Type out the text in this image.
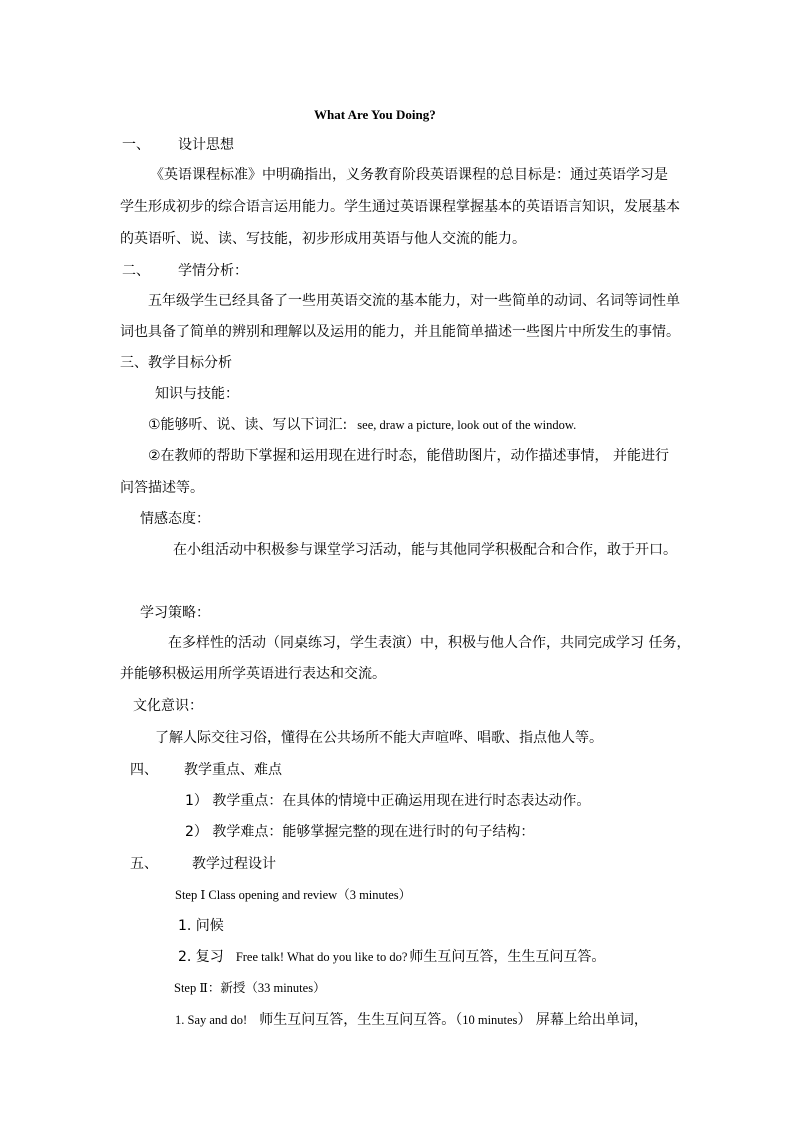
What Are You Doing?
一、 设计思想
《英语课程标准》中明确指出，义务教育阶段英语课程的总目标是：通过英语学习是
学生形成初步的综合语言运用能力。学生通过英语课程掌握基本的英语语言知识，发展基本
的英语听、说、读、写技能，初步形成用英语与他人交流的能力。
二、 学情分析：
五年级学生已经具备了一些用英语交流的基本能力，对一些简单的动词、名词等词性单
词也具备了简单的辨别和理解以及运用的能力，并且能简单描述一些图片中所发生的事情。
三、教学目标分析
知识与技能：
①能够听、说、读、写以下词汇: see, draw a picture, look out of the window.
②在教师的帮助下掌握和运用现在进行时态，能借助图片，动作描述事情， 并能进行
问答描述等。
情感态度：
在小组活动中积极参与课堂学习活动，能与其他同学积极配合和合作，敢于开口。
学习策略：
在多样性的活动（同桌练习，学生表演）中，积极与他人合作，共同完成学习 任务，
并能够积极运用所学英语进行表达和交流。
文化意识：
了解人际交往习俗，懂得在公共场所不能大声喧哗、唱歌、指点他人等。
四、 教学重点、难点
1） 教学重点：在具体的情境中正确运用现在进行时态表达动作。
2） 教学难点：能够掌握完整的现在进行时的句子结构：
五、 教学过程设计
Step Ⅰ Class opening and review（3 minutes）
1. 问候
2. 复习 Free talk! What do you like to do? 师生互问互答，生生互问互答。
Step Ⅱ：新授（33 minutes）
1. Say and do! 师生互问互答，生生互问互答。（10 minutes） 屏幕上给出单词，
